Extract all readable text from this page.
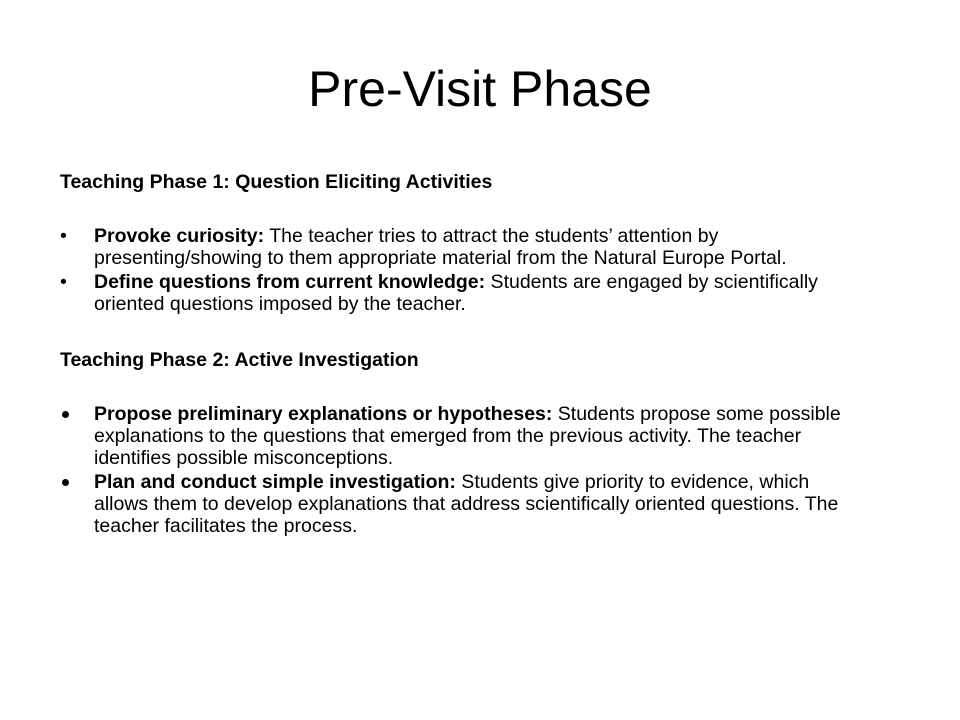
Pre-Visit Phase

Teaching Phase 1: Question Eliciting Activities

•	Provoke curiosity: The teacher tries to attract the students’ attention by presenting/showing to them appropriate material from the Natural Europe Portal.
•	Define questions from current knowledge: Students are engaged by scientifically oriented questions imposed by the teacher.

Teaching Phase 2: Active Investigation

Propose preliminary explanations or hypotheses: Students propose some possible explanations to the questions that emerged from the previous activity. The teacher identifies possible misconceptions.
Plan and conduct simple investigation: Students give priority to evidence, which allows them to develop explanations that address scientifically oriented questions. The teacher facilitates the process.
